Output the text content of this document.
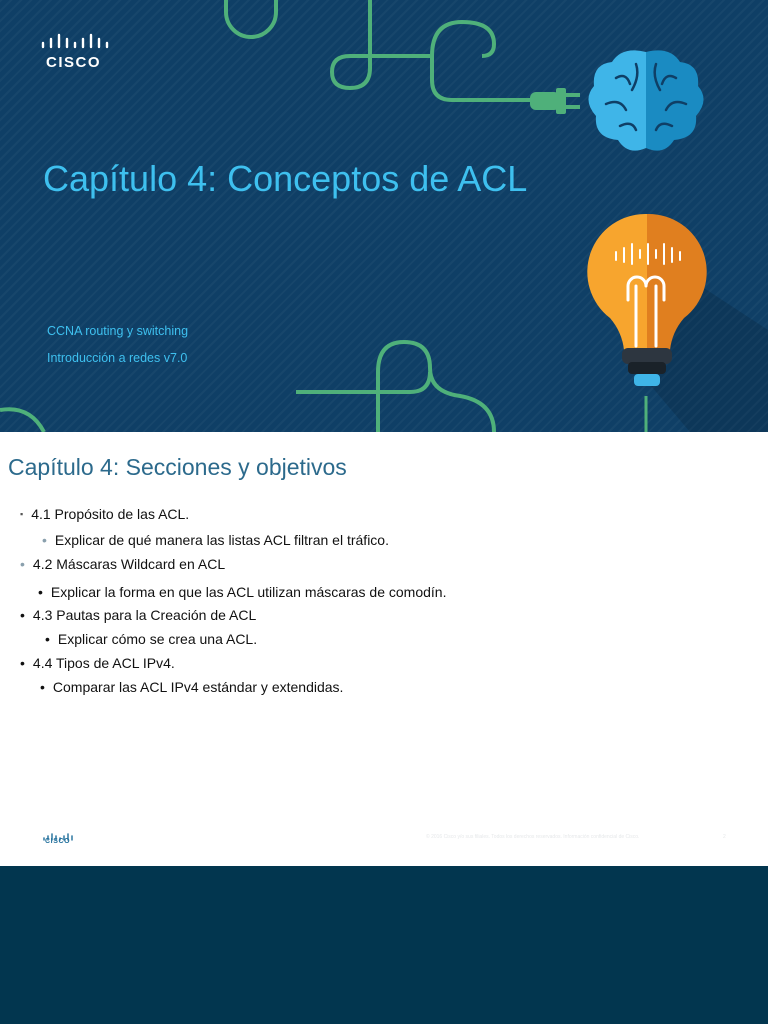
CISCO
Capítulo 4: Conceptos de ACL
CCNA routing y switching
Introducción a redes v7.0
Capítulo 4: Secciones y objetivos
▪ 4.1 Propósito de las ACL.
• Explicar de qué manera las listas ACL filtran el tráfico.
• 4.2 Máscaras Wildcard en ACL
• Explicar la forma en que las ACL utilizan máscaras de comodín.
• 4.3 Pautas para la Creación de ACL
• Explicar cómo se crea una ACL.
• 4.4 Tipos de ACL IPv4.
• Comparar las ACL IPv4 estándar y extendidas.
CISCO
© 2016 Cisco y/o sus filiales. Todos los derechos reservados. Información confidencial de Cisco.	2
